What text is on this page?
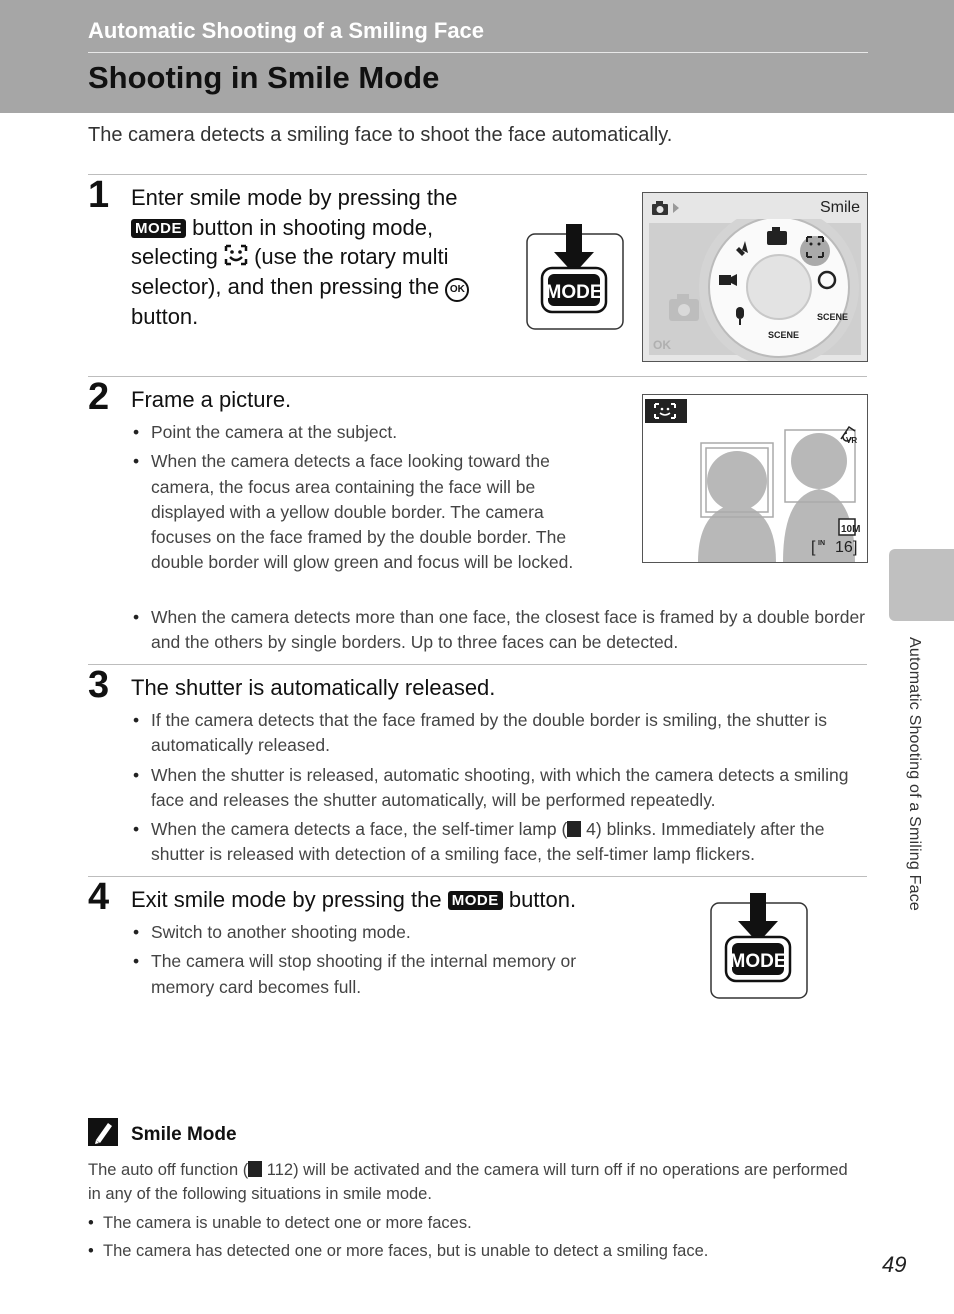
Automatic Shooting of a Smiling Face
Shooting in Smile Mode
The camera detects a smiling face to shoot the face automatically.
1 Enter smile mode by pressing the
MODE button in shooting mode,
selecting (use the rotary multi
selector), and then pressing the OK
button.
MODE
Smile
SCENE
SCENE
OK
2 Frame a picture.
• Point the camera at the subject.
• When the camera detects a face looking toward the camera, the focus area containing the face will be displayed with a yellow double border. The camera focuses on the face framed by the double border. The double border will glow green and focus will be locked.
• When the camera detects more than one face, the closest face is framed by a double border and the others by single borders. Up to three faces can be detected.
VR
10M
[ IN 16 ]
3 The shutter is automatically released.
• If the camera detects that the face framed by the double border is smiling, the shutter is automatically released.
• When the shutter is released, automatic shooting, with which the camera detects a smiling face and releases the shutter automatically, will be performed repeatedly.
• When the camera detects a face, the self-timer lamp ( 4) blinks. Immediately after the shutter is released with detection of a smiling face, the self-timer lamp flickers.
4 Exit smile mode by pressing the MODE button.
• Switch to another shooting mode.
• The camera will stop shooting if the internal memory or memory card becomes full.
MODE
Smile Mode
The auto off function ( 112) will be activated and the camera will turn off if no operations are performed in any of the following situations in smile mode.
• The camera is unable to detect one or more faces.
• The camera has detected one or more faces, but is unable to detect a smiling face.
Automatic Shooting of a Smiling Face
49
